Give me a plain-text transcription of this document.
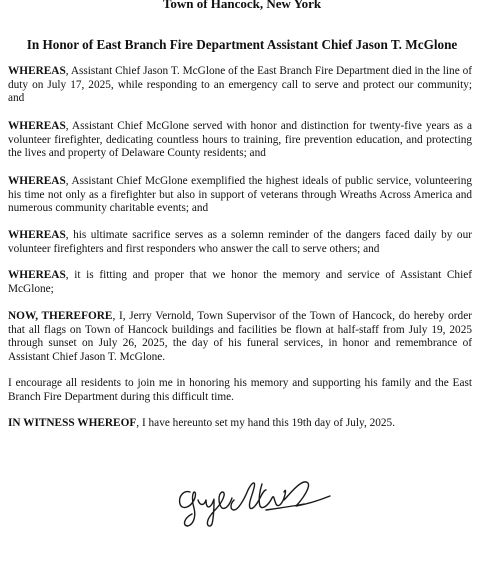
Town of Hancock, New York
In Honor of East Branch Fire Department Assistant Chief Jason T. McGlone

WHEREAS, Assistant Chief Jason T. McGlone of the East Branch Fire Department died in the line of duty on July 17, 2025, while responding to an emergency call to serve and protect our community; and

WHEREAS, Assistant Chief McGlone served with honor and distinction for twenty-five years as a volunteer firefighter, dedicating countless hours to training, fire prevention education, and protecting the lives and property of Delaware County residents; and

WHEREAS, Assistant Chief McGlone exemplified the highest ideals of public service, volunteering his time not only as a firefighter but also in support of veterans through Wreaths Across America and numerous community charitable events; and

WHEREAS, his ultimate sacrifice serves as a solemn reminder of the dangers faced daily by our volunteer firefighters and first responders who answer the call to serve others; and

WHEREAS, it is fitting and proper that we honor the memory and service of Assistant Chief McGlone;

NOW, THEREFORE, I, Jerry Vernold, Town Supervisor of the Town of Hancock, do hereby order that all flags on Town of Hancock buildings and facilities be flown at half-staff from July 19, 2025 through sunset on July 26, 2025, the day of his funeral services, in honor and remembrance of Assistant Chief Jason T. McGlone.

I encourage all residents to join me in honoring his memory and supporting his family and the East Branch Fire Department during this difficult time.

IN WITNESS WHEREOF, I have hereunto set my hand this 19th day of July, 2025.
